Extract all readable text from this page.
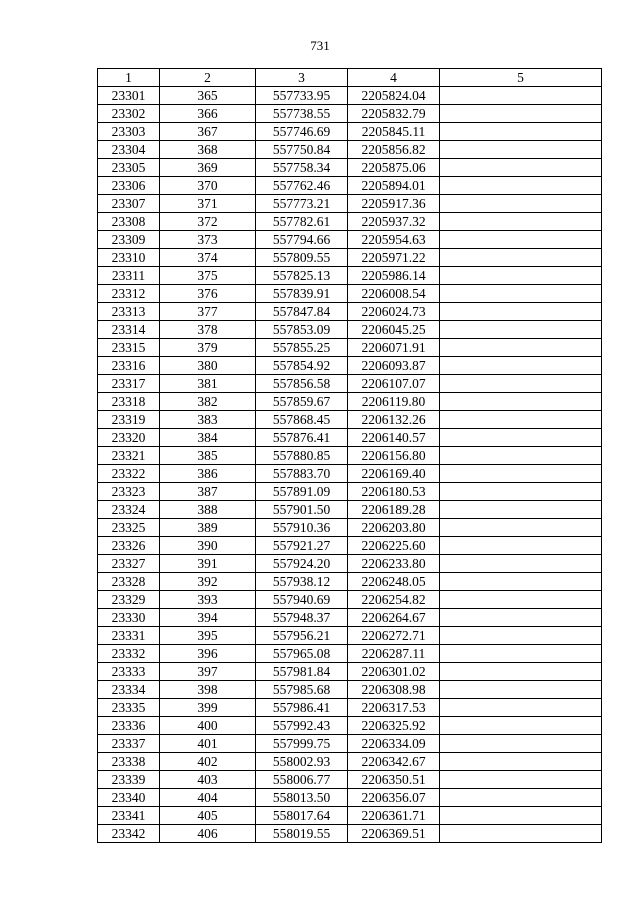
731
1	2	3	4	5
23301	365	557733.95	2205824.04	
23302	366	557738.55	2205832.79	
23303	367	557746.69	2205845.11	
23304	368	557750.84	2205856.82	
23305	369	557758.34	2205875.06	
23306	370	557762.46	2205894.01	
23307	371	557773.21	2205917.36	
23308	372	557782.61	2205937.32	
23309	373	557794.66	2205954.63	
23310	374	557809.55	2205971.22	
23311	375	557825.13	2205986.14	
23312	376	557839.91	2206008.54	
23313	377	557847.84	2206024.73	
23314	378	557853.09	2206045.25	
23315	379	557855.25	2206071.91	
23316	380	557854.92	2206093.87	
23317	381	557856.58	2206107.07	
23318	382	557859.67	2206119.80	
23319	383	557868.45	2206132.26	
23320	384	557876.41	2206140.57	
23321	385	557880.85	2206156.80	
23322	386	557883.70	2206169.40	
23323	387	557891.09	2206180.53	
23324	388	557901.50	2206189.28	
23325	389	557910.36	2206203.80	
23326	390	557921.27	2206225.60	
23327	391	557924.20	2206233.80	
23328	392	557938.12	2206248.05	
23329	393	557940.69	2206254.82	
23330	394	557948.37	2206264.67	
23331	395	557956.21	2206272.71	
23332	396	557965.08	2206287.11	
23333	397	557981.84	2206301.02	
23334	398	557985.68	2206308.98	
23335	399	557986.41	2206317.53	
23336	400	557992.43	2206325.92	
23337	401	557999.75	2206334.09	
23338	402	558002.93	2206342.67	
23339	403	558006.77	2206350.51	
23340	404	558013.50	2206356.07	
23341	405	558017.64	2206361.71	
23342	406	558019.55	2206369.51	
